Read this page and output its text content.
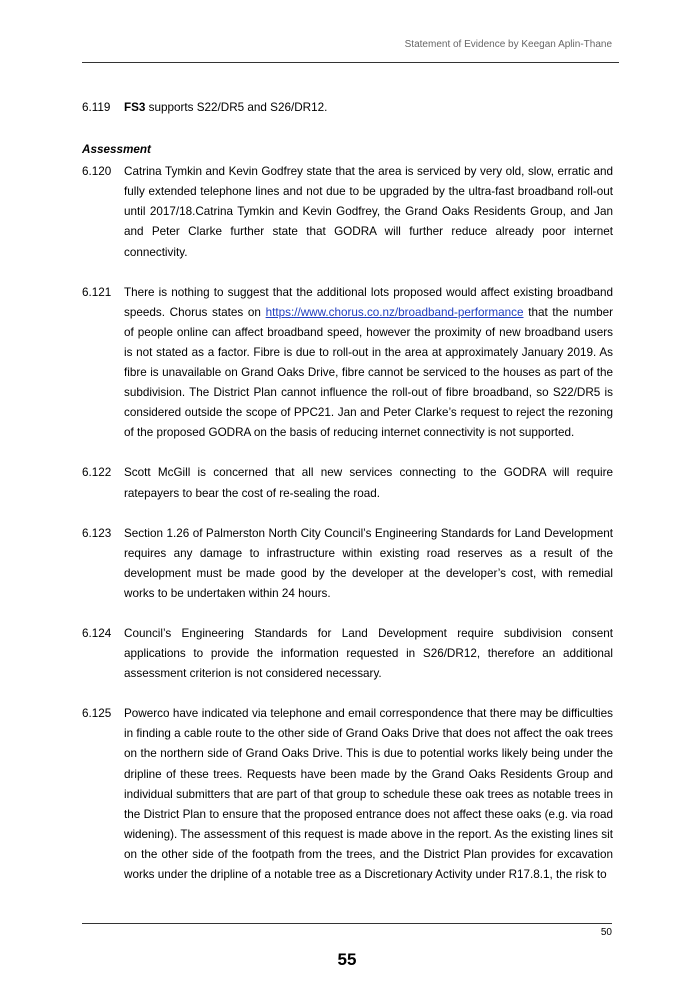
Statement of Evidence by Keegan Aplin-Thane
6.119	FS3 supports S22/DR5 and S26/DR12.
Assessment
6.120	Catrina Tymkin and Kevin Godfrey state that the area is serviced by very old, slow, erratic and fully extended telephone lines and not due to be upgraded by the ultra-fast broadband roll-out until 2017/18.Catrina Tymkin and Kevin Godfrey, the Grand Oaks Residents Group, and Jan and Peter Clarke further state that GODRA will further reduce already poor internet connectivity.
6.121	There is nothing to suggest that the additional lots proposed would affect existing broadband speeds. Chorus states on https://www.chorus.co.nz/broadband-performance that the number of people online can affect broadband speed, however the proximity of new broadband users is not stated as a factor. Fibre is due to roll-out in the area at approximately January 2019. As fibre is unavailable on Grand Oaks Drive, fibre cannot be serviced to the houses as part of the subdivision. The District Plan cannot influence the roll-out of fibre broadband, so S22/DR5 is considered outside the scope of PPC21. Jan and Peter Clarke’s request to reject the rezoning of the proposed GODRA on the basis of reducing internet connectivity is not supported.
6.122	Scott McGill is concerned that all new services connecting to the GODRA will require ratepayers to bear the cost of re-sealing the road.
6.123	Section 1.26 of Palmerston North City Council’s Engineering Standards for Land Development requires any damage to infrastructure within existing road reserves as a result of the development must be made good by the developer at the developer’s cost, with remedial works to be undertaken within 24 hours.
6.124	Council’s Engineering Standards for Land Development require subdivision consent applications to provide the information requested in S26/DR12, therefore an additional assessment criterion is not considered necessary.
6.125	Powerco have indicated via telephone and email correspondence that there may be difficulties in finding a cable route to the other side of Grand Oaks Drive that does not affect the oak trees on the northern side of Grand Oaks Drive. This is due to potential works likely being under the dripline of these trees. Requests have been made by the Grand Oaks Residents Group and individual submitters that are part of that group to schedule these oak trees as notable trees in the District Plan to ensure that the proposed entrance does not affect these oaks (e.g. via road widening). The assessment of this request is made above in the report. As the existing lines sit on the other side of the footpath from the trees, and the District Plan provides for excavation works under the dripline of a notable tree as a Discretionary Activity under R17.8.1, the risk to
50
55
